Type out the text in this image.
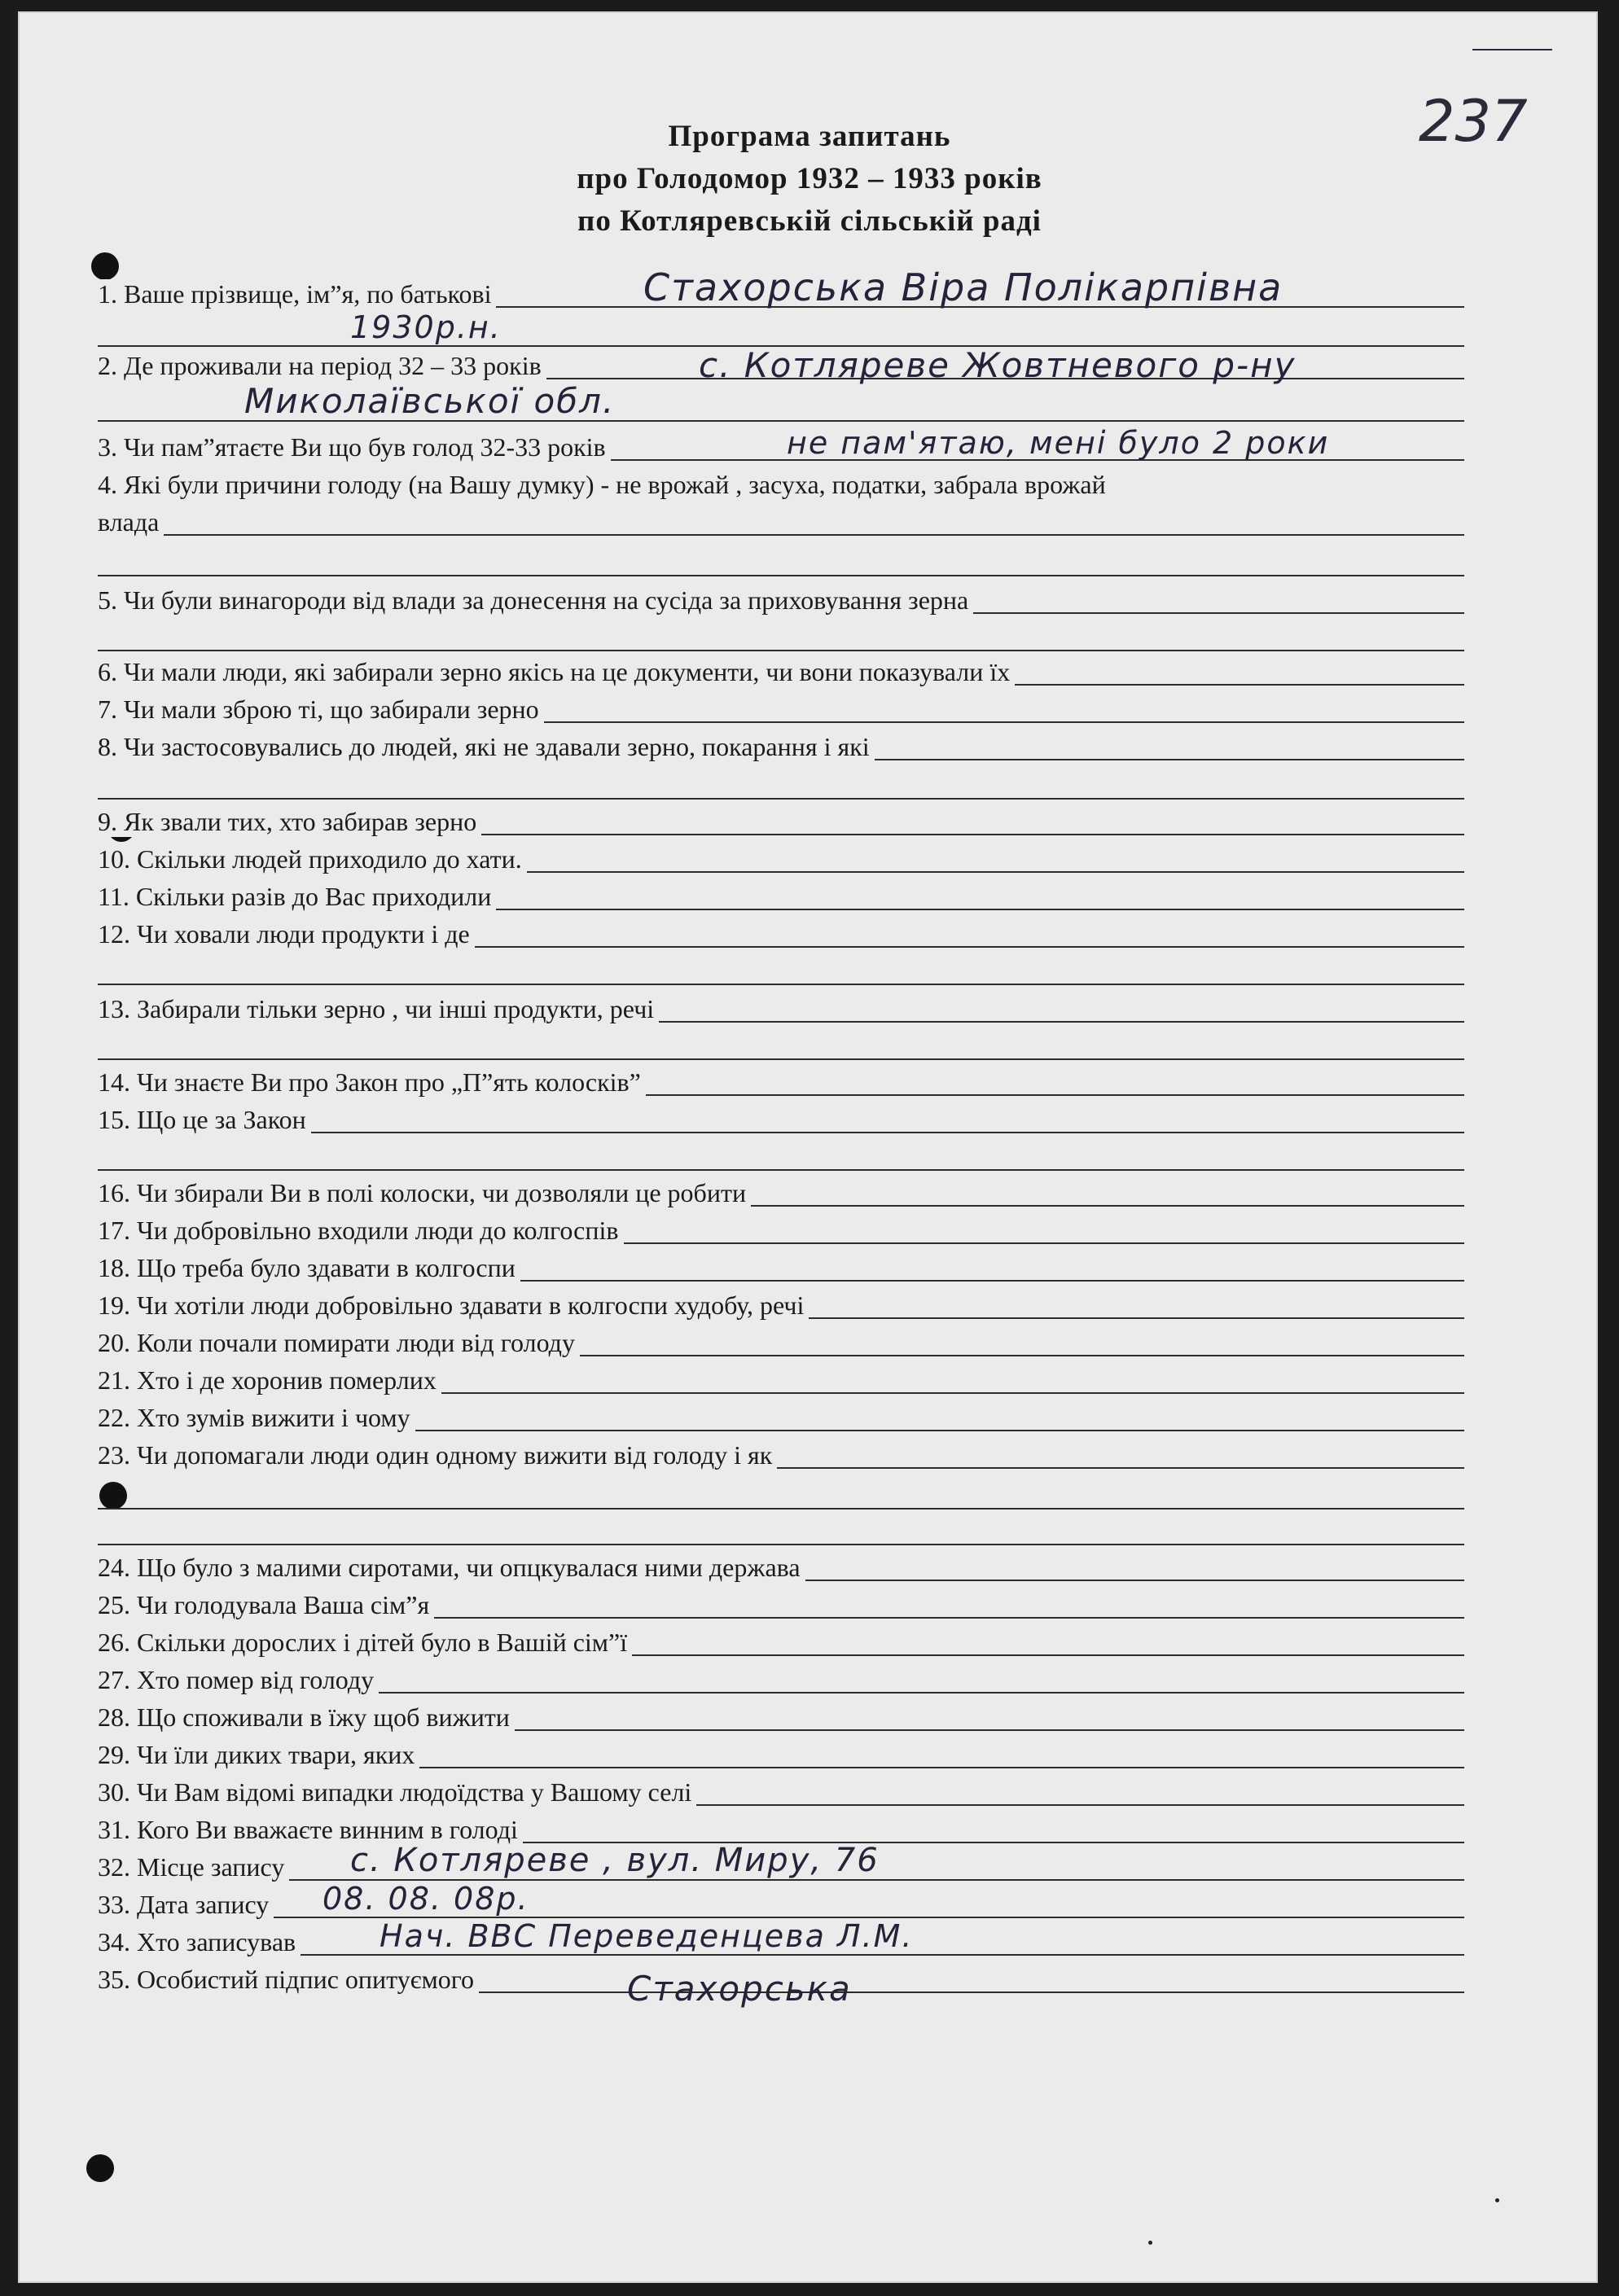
237
Програма запитань
про Голодомор 1932 – 1933 років
по Котляревській сільській раді
1. Ваше прізвище, ім”я, по батькові	Стахорська Віра Полікарпівна
1930р.н.
2. Де проживали на період 32 – 33 років	с. Котляреве Жовтневого р-ну
Миколаївської обл.
3. Чи пам”ятаєте Ви що був голод 32-33 років	не пам'ятаю, мені було 2 роки
4. Які були причини голоду (на Вашу думку) - не врожай , засуха, податки, забрала врожай
влада
5. Чи були винагороди від влади за донесення на сусіда за приховування зерна
6. Чи мали люди, які забирали зерно якісь на це документи, чи вони показували їх
7. Чи мали зброю ті, що забирали зерно
8. Чи застосовувались до людей, які не здавали зерно, покарання і які
9. Як звали тих, хто забирав зерно
10. Скільки людей приходило до хати.
11. Скільки разів до Вас приходили
12. Чи ховали люди продукти і де
13. Забирали тільки зерно , чи інші продукти, речі
14. Чи знаєте Ви про Закон про „П”ять колосків”
15. Що це за Закон
16. Чи збирали Ви в полі колоски, чи дозволяли це робити
17. Чи добровільно входили люди до колгоспів
18. Що треба було здавати в колгоспи
19. Чи хотіли люди добровільно здавати в колгоспи худобу, речі
20. Коли почали помирати люди від голоду
21. Хто і де хоронив померлих
22. Хто зумів вижити і чому
23. Чи допомагали люди один одному вижити від голоду і як
24. Що було з малими сиротами, чи опцкувалася ними держава
25. Чи голодувала Ваша сім”я
26. Скільки дорослих і дітей було в Вашій сім”ї
27. Хто помер від голоду
28. Що споживали в їжу щоб вижити
29. Чи їли диких твари, яких
30. Чи Вам відомі випадки людоїдства у Вашому селі
31. Кого Ви вважаєте винним в голоді
32. Місце запису с. Котляреве , вул. Миру, 76
33. Дата запису 08. 08. 08р.
34. Хто записував	Нач. ВВС Переведенцева Л.М.
35. Особистий підпис опитуємого	Стахорська
